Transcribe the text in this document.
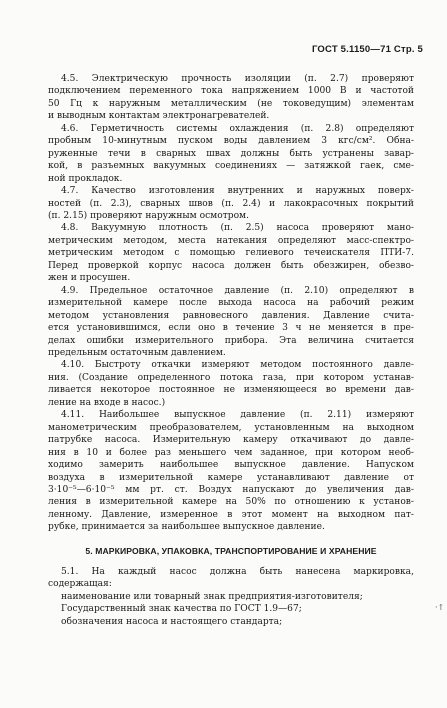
ГОСТ 5.1150—71 Стр. 5
4.5. Электрическую прочность изоляции (п. 2.7) проверяют
подключением переменного тока напряжением 1000 В и частотой
50 Гц к наружным металлическим (не токоведущим) элементам
и выводным контактам электронагревателей.
4.6. Герметичность системы охлаждения (п. 2.8) определяют
пробным 10-минутным пуском воды давлением 3 кгс/см². Обна-
руженные течи в сварных швах должны быть устранены завар-
кой, в разъемных вакуумных соединениях — затяжкой гаек, сме-
ной прокладок.
4.7. Качество изготовления внутренних и наружных поверх-
ностей (п. 2.3), сварных швов (п. 2.4) и лакокрасочных покрытий
(п. 2.15) проверяют наружным осмотром.
4.8. Вакуумную плотность (п. 2.5) насоса проверяют мано-
метрическим методом, места натекания определяют масс-спектро-
метрическим методом с помощью гелиевого течеискателя ПТИ-7.
Перед проверкой корпус насоса должен быть обезжирен, обезво-
жен и просушен.
4.9. Предельное остаточное давление (п. 2.10) определяют в
измерительной камере после выхода насоса на рабочий режим
методом установления равновесного давления. Давление счита-
ется установившимся, если оно в течение 3 ч не меняется в пре-
делах ошибки измерительного прибора. Эта величина считается
предельным остаточным давлением.
4.10. Быстроту откачки измеряют методом постоянного давле-
ния. (Создание определенного потока газа, при котором устанав-
ливается некоторое постоянное не изменяющееся во времени дав-
ление на входе в насос.)
4.11. Наибольшее выпускное давление (п. 2.11) измеряют
манометрическим преобразователем, установленным на выходном
патрубке насоса. Измерительную камеру откачивают до давле-
ния в 10 и более раз меньшего чем заданное, при котором необ-
ходимо замерить наибольшее выпускное давление. Напуском
воздуха в измерительной камере устанавливают давление от
3·10⁻⁵—6·10⁻⁵ мм рт. ст. Воздух напускают до увеличения дав-
ления в измерительной камере на 50% по отношению к установ-
ленному. Давление, измеренное в этот момент на выходном пат-
рубке, принимается за наибольшее выпускное давление.
5. МАРКИРОВКА, УПАКОВКА, ТРАНСПОРТИРОВАНИЕ И ХРАНЕНИЕ
5.1. На каждый насос должна быть нанесена маркировка,
содержащая:
наименование или товарный знак предприятия-изготовителя;
Государственный знак качества по ГОСТ 1.9—67;
обозначения насоса и настоящего стандарта;
·↑
